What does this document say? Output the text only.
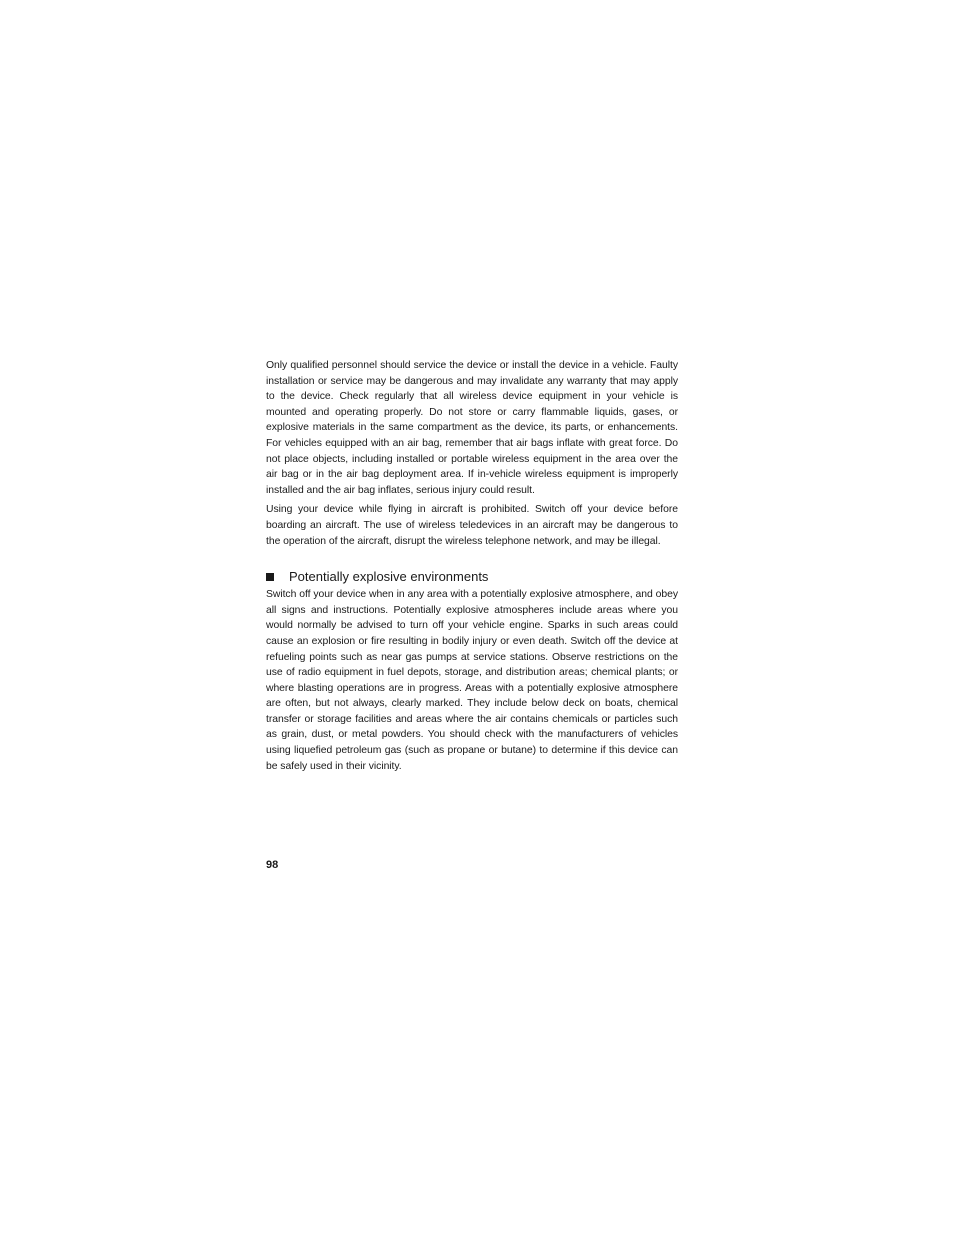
Only qualified personnel should service the device or install the device in a vehicle. Faulty installation or service may be dangerous and may invalidate any warranty that may apply to the device. Check regularly that all wireless device equipment in your vehicle is mounted and operating properly. Do not store or carry flammable liquids, gases, or explosive materials in the same compartment as the device, its parts, or enhancements. For vehicles equipped with an air bag, remember that air bags inflate with great force. Do not place objects, including installed or portable wireless equipment in the area over the air bag or in the air bag deployment area. If in-vehicle wireless equipment is improperly installed and the air bag inflates, serious injury could result.

Using your device while flying in aircraft is prohibited. Switch off your device before boarding an aircraft. The use of wireless teledevices in an aircraft may be dangerous to the operation of the aircraft, disrupt the wireless telephone network, and may be illegal.

Potentially explosive environments

Switch off your device when in any area with a potentially explosive atmosphere, and obey all signs and instructions. Potentially explosive atmospheres include areas where you would normally be advised to turn off your vehicle engine. Sparks in such areas could cause an explosion or fire resulting in bodily injury or even death. Switch off the device at refueling points such as near gas pumps at service stations. Observe restrictions on the use of radio equipment in fuel depots, storage, and distribution areas; chemical plants; or where blasting operations are in progress. Areas with a potentially explosive atmosphere are often, but not always, clearly marked. They include below deck on boats, chemical transfer or storage facilities and areas where the air contains chemicals or particles such as grain, dust, or metal powders. You should check with the manufacturers of vehicles using liquefied petroleum gas (such as propane or butane) to determine if this device can be safely used in their vicinity.

98
